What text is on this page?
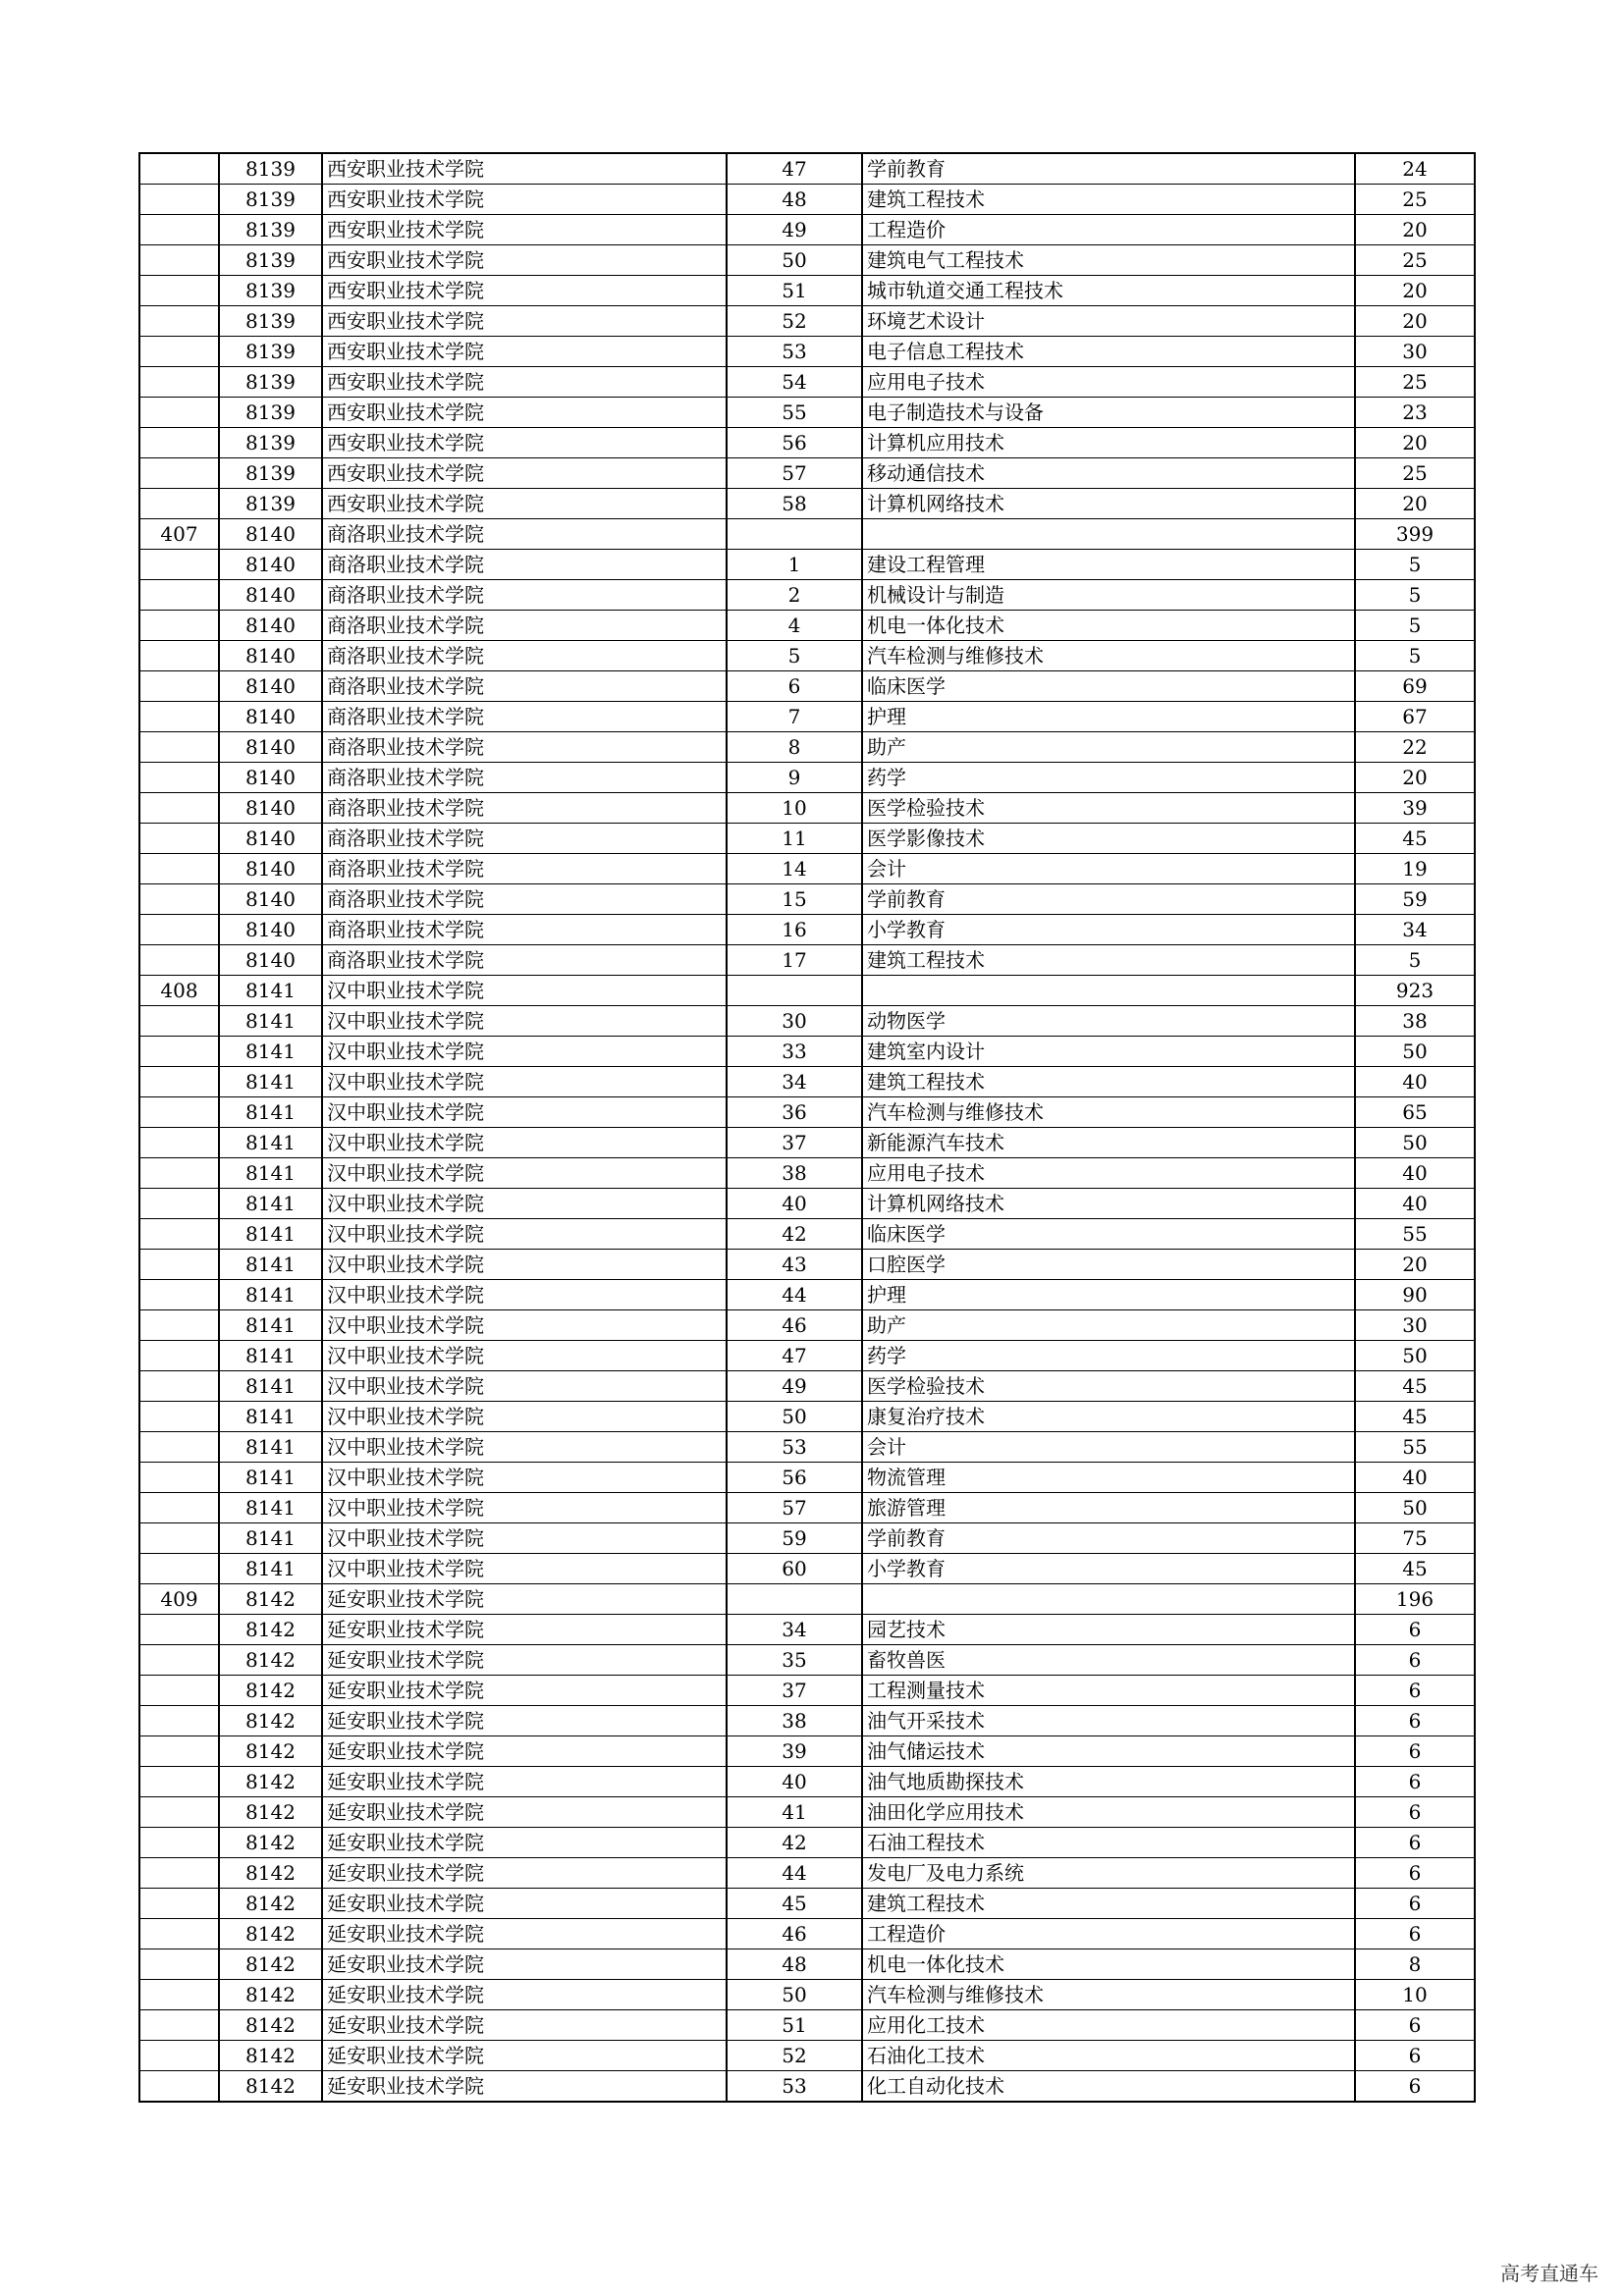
	8139	西安职业技术学院	47	学前教育	24
	8139	西安职业技术学院	48	建筑工程技术	25
	8139	西安职业技术学院	49	工程造价	20
	8139	西安职业技术学院	50	建筑电气工程技术	25
	8139	西安职业技术学院	51	城市轨道交通工程技术	20
	8139	西安职业技术学院	52	环境艺术设计	20
	8139	西安职业技术学院	53	电子信息工程技术	30
	8139	西安职业技术学院	54	应用电子技术	25
	8139	西安职业技术学院	55	电子制造技术与设备	23
	8139	西安职业技术学院	56	计算机应用技术	20
	8139	西安职业技术学院	57	移动通信技术	25
	8139	西安职业技术学院	58	计算机网络技术	20
407	8140	商洛职业技术学院			399
	8140	商洛职业技术学院	1	建设工程管理	5
	8140	商洛职业技术学院	2	机械设计与制造	5
	8140	商洛职业技术学院	4	机电一体化技术	5
	8140	商洛职业技术学院	5	汽车检测与维修技术	5
	8140	商洛职业技术学院	6	临床医学	69
	8140	商洛职业技术学院	7	护理	67
	8140	商洛职业技术学院	8	助产	22
	8140	商洛职业技术学院	9	药学	20
	8140	商洛职业技术学院	10	医学检验技术	39
	8140	商洛职业技术学院	11	医学影像技术	45
	8140	商洛职业技术学院	14	会计	19
	8140	商洛职业技术学院	15	学前教育	59
	8140	商洛职业技术学院	16	小学教育	34
	8140	商洛职业技术学院	17	建筑工程技术	5
408	8141	汉中职业技术学院			923
	8141	汉中职业技术学院	30	动物医学	38
	8141	汉中职业技术学院	33	建筑室内设计	50
	8141	汉中职业技术学院	34	建筑工程技术	40
	8141	汉中职业技术学院	36	汽车检测与维修技术	65
	8141	汉中职业技术学院	37	新能源汽车技术	50
	8141	汉中职业技术学院	38	应用电子技术	40
	8141	汉中职业技术学院	40	计算机网络技术	40
	8141	汉中职业技术学院	42	临床医学	55
	8141	汉中职业技术学院	43	口腔医学	20
	8141	汉中职业技术学院	44	护理	90
	8141	汉中职业技术学院	46	助产	30
	8141	汉中职业技术学院	47	药学	50
	8141	汉中职业技术学院	49	医学检验技术	45
	8141	汉中职业技术学院	50	康复治疗技术	45
	8141	汉中职业技术学院	53	会计	55
	8141	汉中职业技术学院	56	物流管理	40
	8141	汉中职业技术学院	57	旅游管理	50
	8141	汉中职业技术学院	59	学前教育	75
	8141	汉中职业技术学院	60	小学教育	45
409	8142	延安职业技术学院			196
	8142	延安职业技术学院	34	园艺技术	6
	8142	延安职业技术学院	35	畜牧兽医	6
	8142	延安职业技术学院	37	工程测量技术	6
	8142	延安职业技术学院	38	油气开采技术	6
	8142	延安职业技术学院	39	油气储运技术	6
	8142	延安职业技术学院	40	油气地质勘探技术	6
	8142	延安职业技术学院	41	油田化学应用技术	6
	8142	延安职业技术学院	42	石油工程技术	6
	8142	延安职业技术学院	44	发电厂及电力系统	6
	8142	延安职业技术学院	45	建筑工程技术	6
	8142	延安职业技术学院	46	工程造价	6
	8142	延安职业技术学院	48	机电一体化技术	8
	8142	延安职业技术学院	50	汽车检测与维修技术	10
	8142	延安职业技术学院	51	应用化工技术	6
	8142	延安职业技术学院	52	石油化工技术	6
	8142	延安职业技术学院	53	化工自动化技术	6
高考直通车
